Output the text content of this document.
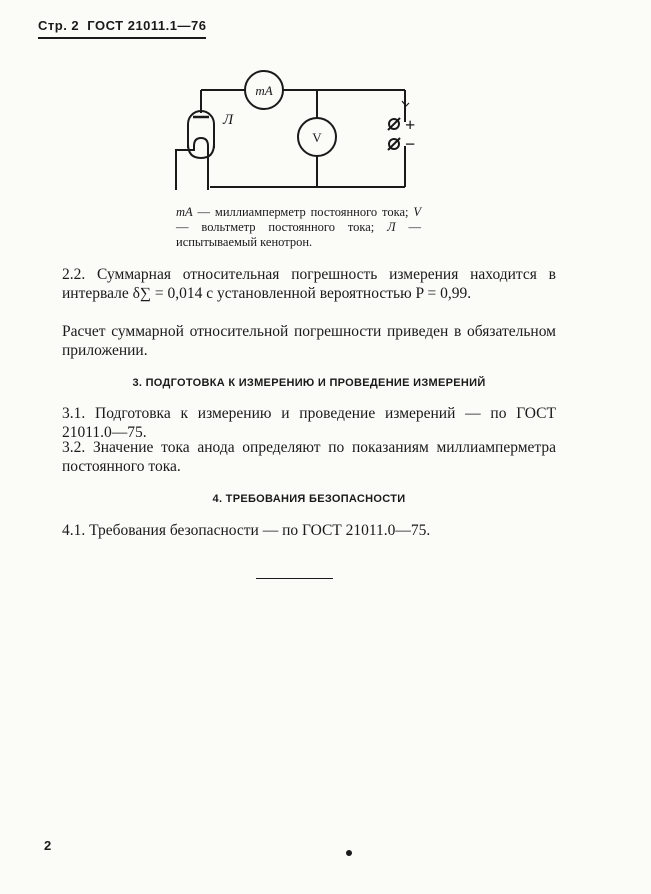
Стр. 2 ГОСТ 21011.1—76
mA
V
Л	+
−
mA — миллиамперметр постоянного тока; V — вольтметр постоянного тока; Л — испытываемый кенотрон.
2.2. Суммарная относительная погрешность измерения находится в интервале δ∑ = 0,014 с установленной вероятностью P = 0,99.
Расчет суммарной относительной погрешности приведен в обязательном приложении.
3. ПОДГОТОВКА К ИЗМЕРЕНИЮ И ПРОВЕДЕНИЕ ИЗМЕРЕНИЙ
3.1. Подготовка к измерению и проведение измерений — по ГОСТ 21011.0—75.
3.2. Значение тока анода определяют по показаниям миллиамперметра постоянного тока.
4. ТРЕБОВАНИЯ БЕЗОПАСНОСТИ
4.1. Требования безопасности — по ГОСТ 21011.0—75.
2
